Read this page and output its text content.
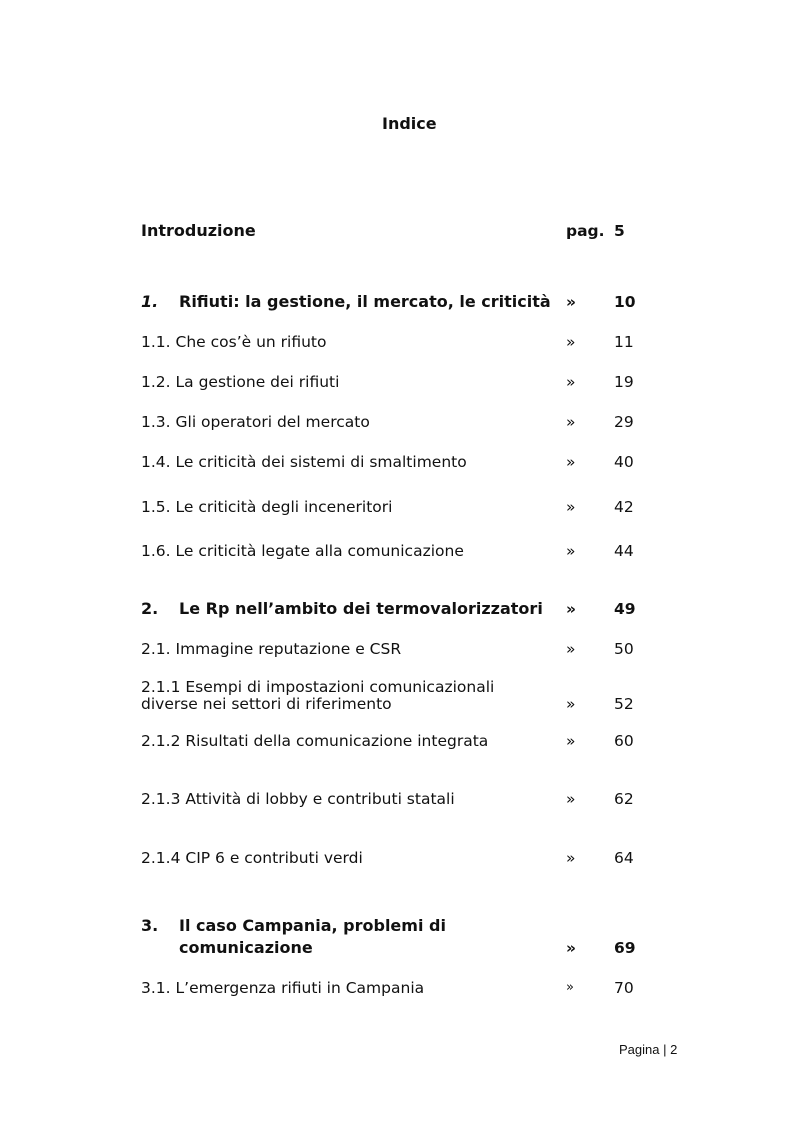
Indice
Introduzione	pag. 5
1. Rifiuti: la gestione, il mercato, le criticità » 10
1.1. Che cos’è un rifiuto	» 11
1.2. La gestione dei rifiuti	» 19
1.3. Gli operatori del mercato	» 29
1.4. Le criticità dei sistemi di smaltimento	» 40
1.5. Le criticità degli inceneritori	» 42
1.6. Le criticità legate alla comunicazione	» 44
2. Le Rp nell’ambito dei termovalorizzatori » 49
2.1. Immagine reputazione e CSR	» 50
2.1.1 Esempi di impostazioni comunicazionali
diverse nei settori di riferimento	» 52
2.1.2 Risultati della comunicazione integrata	» 60
2.1.3 Attività di lobby e contributi statali	» 62
2.1.4 CIP 6 e contributi verdi	» 64
3. Il caso Campania, problemi di
comunicazione	» 69
3.1. L’emergenza rifiuti in Campania	»	70
Pagina | 2
